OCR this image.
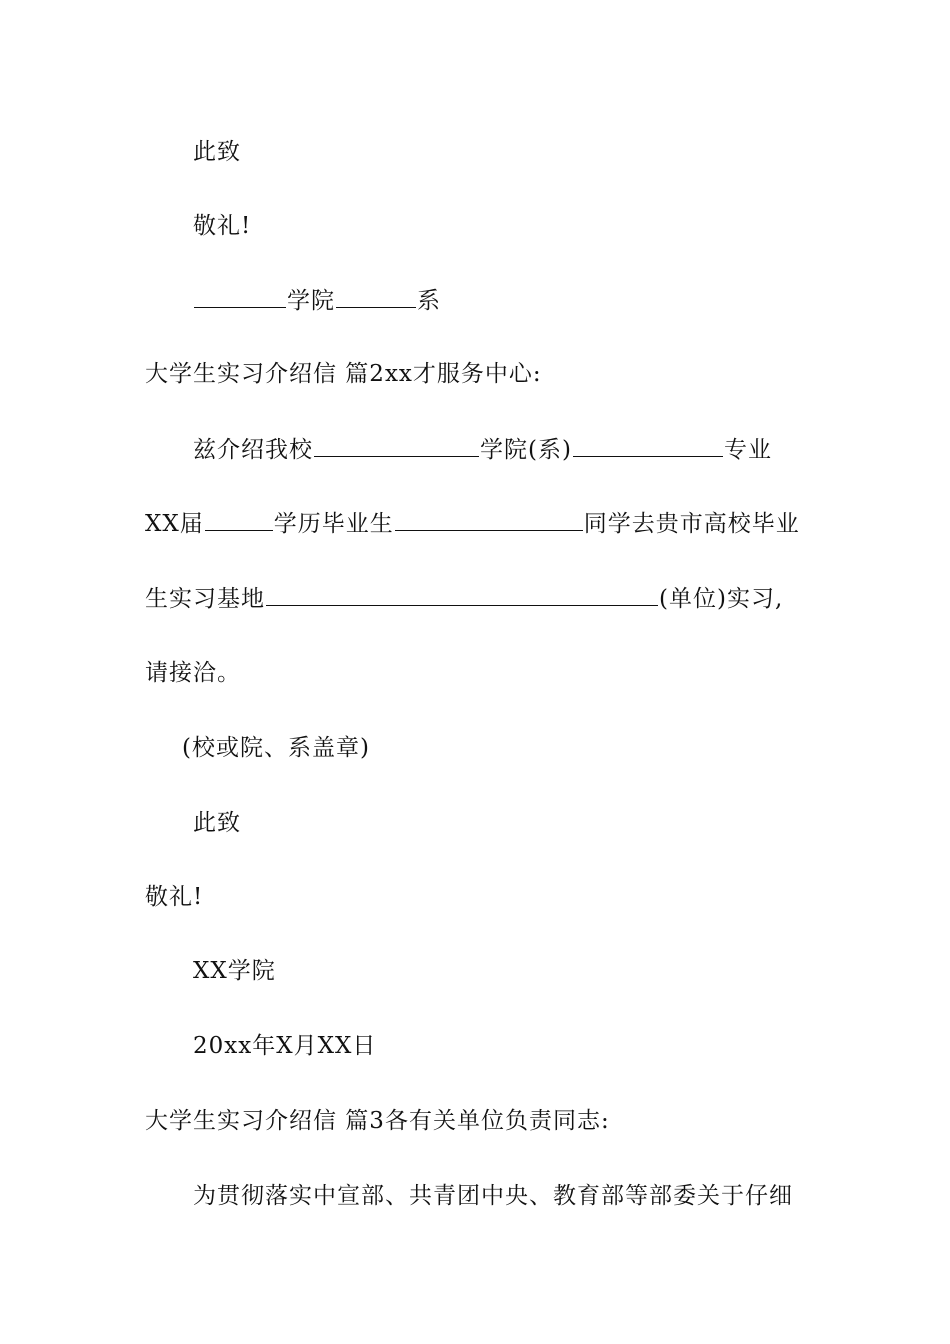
此致
敬礼!
学院	系
大学生实习介绍信 篇2xx才服务中心:
兹介绍我校	学院(系)	专业
XX届	学历毕业生	同学去贵市高校毕业
生实习基地	(单位)实习,
请接洽。
(校或院、系盖章)
此致
敬礼!
XX学院
20xx年X月XX日
大学生实习介绍信 篇3各有关单位负责同志:
为贯彻落实中宣部、共青团中央、教育部等部委关于仔细
